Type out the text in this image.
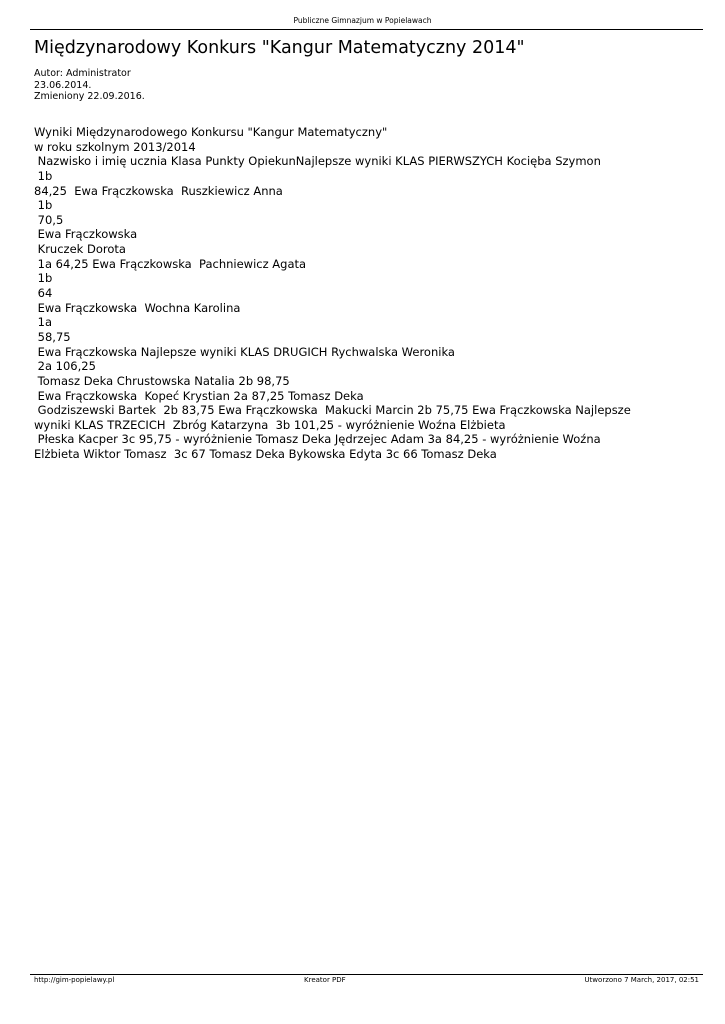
Publiczne Gimnazjum w Popielawach
Międzynarodowy Konkurs "Kangur Matematyczny 2014"
Autor: Administrator
23.06.2014.
Zmieniony 22.09.2016.
Wyniki Międzynarodowego Konkursu "Kangur Matematyczny"
w roku szkolnym 2013/2014
Nazwisko i imię ucznia Klasa Punkty OpiekunNajlepsze wyniki KLAS PIERWSZYCH Kocięba Szymon
1b
84,25  Ewa Frączkowska  Ruszkiewicz Anna
1b
70,5
Ewa Frączkowska
Kruczek Dorota
1a 64,25 Ewa Frączkowska  Pachniewicz Agata
1b
64
Ewa Frączkowska  Wochna Karolina
1a
58,75
Ewa Frączkowska Najlepsze wyniki KLAS DRUGICH Rychwalska Weronika
2a 106,25
Tomasz Deka Chrustowska Natalia 2b 98,75
Ewa Frączkowska  Kopeć Krystian 2a 87,25 Tomasz Deka
Godziszewski Bartek  2b 83,75 Ewa Frączkowska  Makucki Marcin 2b 75,75 Ewa Frączkowska Najlepsze
wyniki KLAS TRZECICH  Zbróg Katarzyna  3b 101,25 - wyróżnienie Woźna Elżbieta
Płeska Kacper 3c 95,75 - wyróżnienie Tomasz Deka Jędrzejec Adam 3a 84,25 - wyróżnienie Woźna
Elżbieta Wiktor Tomasz  3c 67 Tomasz Deka Bykowska Edyta 3c 66 Tomasz Deka
http://gim-popielawy.pl	Kreator PDF	Utworzono 7 March, 2017, 02:51
